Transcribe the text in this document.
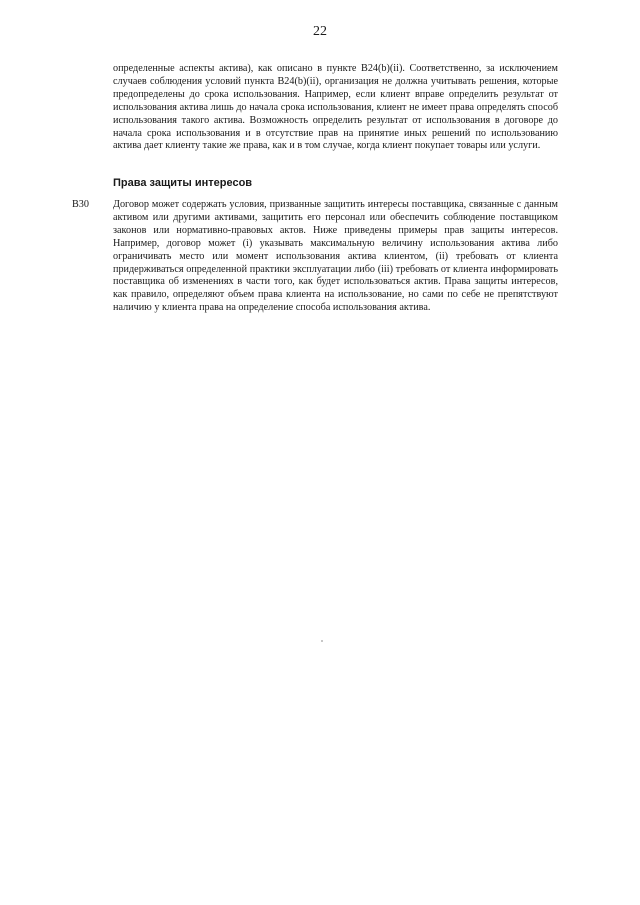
22

определенные аспекты актива), как описано в пункте B24(b)(ii). Соответственно, за исключением случаев соблюдения условий пункта B24(b)(ii), организация не должна учитывать решения, которые предопределены до срока использования. Например, если клиент вправе определить результат от использования актива лишь до начала срока использования, клиент не имеет права определять способ использования такого актива. Возможность определить результат от использования в договоре до начала срока использования и в отсутствие прав на принятие иных решений по использованию актива дает клиенту такие же права, как и в том случае, когда клиент покупает товары или услуги.

Права защиты интересов
B30 Договор может содержать условия, призванные защитить интересы поставщика, связанные с данным активом или другими активами, защитить его персонал или обеспечить соблюдение поставщиком законов или нормативно-правовых актов. Ниже приведены примеры прав защиты интересов. Например, договор может (i) указывать максимальную величину использования актива либо ограничивать место или момент использования актива клиентом, (ii) требовать от клиента придерживаться определенной практики эксплуатации либо (iii) требовать от клиента информировать поставщика об изменениях в части того, как будет использоваться актив. Права защиты интересов, как правило, определяют объем права клиента на использование, но сами по себе не препятствуют наличию у клиента права на определение способа использования актива.
